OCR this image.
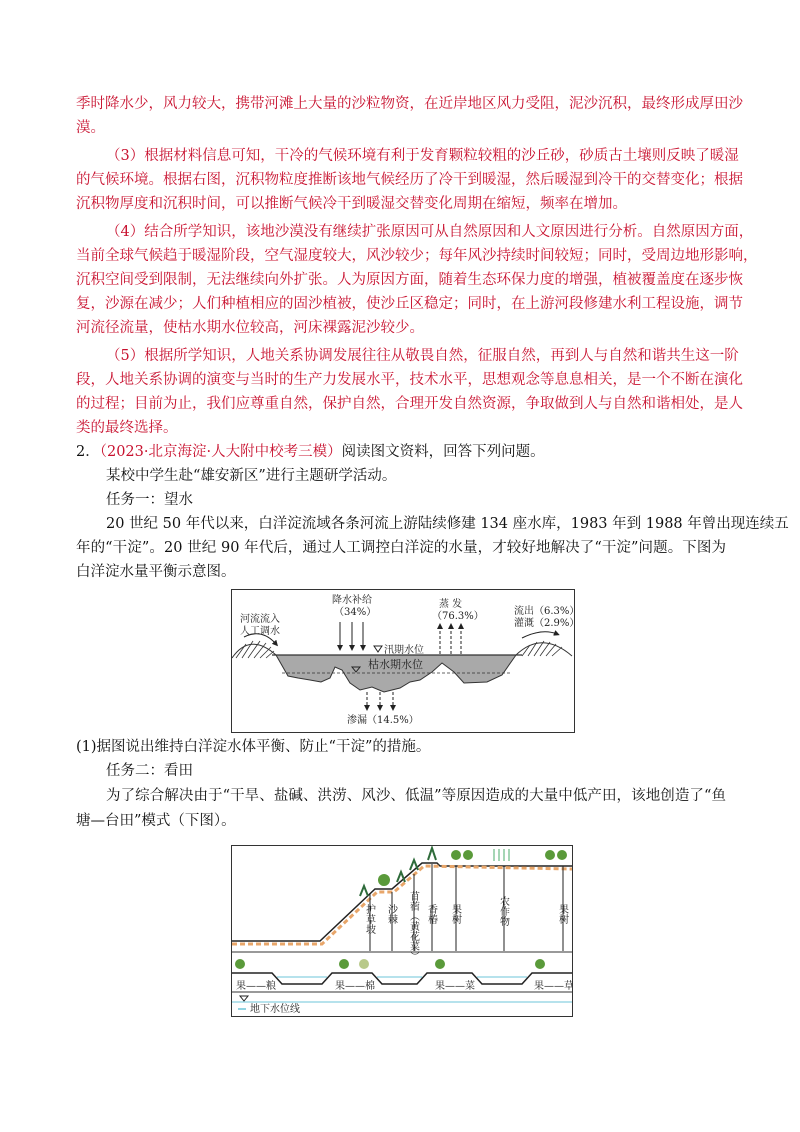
季时降水少，风力较大，携带河滩上大量的沙粒物资，在近岸地区风力受阻，泥沙沉积，最终形成厚田沙
漠。
（3）根据材料信息可知，干冷的气候环境有利于发育颗粒较粗的沙丘砂，砂质古土壤则反映了暖湿
的气候环境。根据右图，沉积物粒度推断该地气候经历了冷干到暖湿，然后暖湿到冷干的交替变化；根据
沉积物厚度和沉积时间，可以推断气候冷干到暖湿交替变化周期在缩短，频率在增加。
（4）结合所学知识，该地沙漠没有继续扩张原因可从自然原因和人文原因进行分析。自然原因方面，
当前全球气候趋于暖湿阶段，空气湿度较大，风沙较少；每年风沙持续时间较短；同时，受周边地形影响，
沉积空间受到限制，无法继续向外扩张。人为原因方面，随着生态环保力度的增强，植被覆盖度在逐步恢
复，沙源在减少；人们种植相应的固沙植被，使沙丘区稳定；同时，在上游河段修建水利工程设施，调节
河流径流量，使枯水期水位较高，河床裸露泥沙较少。
（5）根据所学知识，人地关系协调发展往往从敬畏自然，征服自然，再到人与自然和谐共生这一阶
段，人地关系协调的演变与当时的生产力发展水平，技术水平，思想观念等息息相关，是一个不断在演化
的过程；目前为止，我们应尊重自然，保护自然，合理开发自然资源，争取做到人与自然和谐相处，是人
类的最终选择。
2．（2023·北京海淀·人大附中校考三模）阅读图文资料，回答下列问题。
某校中学生赴“雄安新区”进行主题研学活动。
任务一：望水
20 世纪 50 年代以来，白洋淀流域各条河流上游陆续修建 134 座水库，1983 年到 1988 年曾出现连续五
年的“干淀”。20 世纪 90 年代后，通过人工调控白洋淀的水量，才较好地解决了“干淀”问题。下图为
白洋淀水量平衡示意图。
河流流入
人工调水
降水补给
（34%）
蒸 发
（76.3%）	流出（6.3%）
灌溉（2.9%）
汛期水位
枯水期水位
渗漏（14.5%）
(1)据图说出维持白洋淀水体平衡、防止“干淀”的措施。
任务二：看田
为了综合解决由于“干旱、盐碱、洪涝、风沙、低温”等原因造成的大量中低产田，该地创造了“鱼
塘—台田”模式（下图）。
护草坡 沙棘 苜蓿（黄花菜） 香椿 果树	农作物	果树
果——粮	果——棉	果——菜	果——草
地下水位线
